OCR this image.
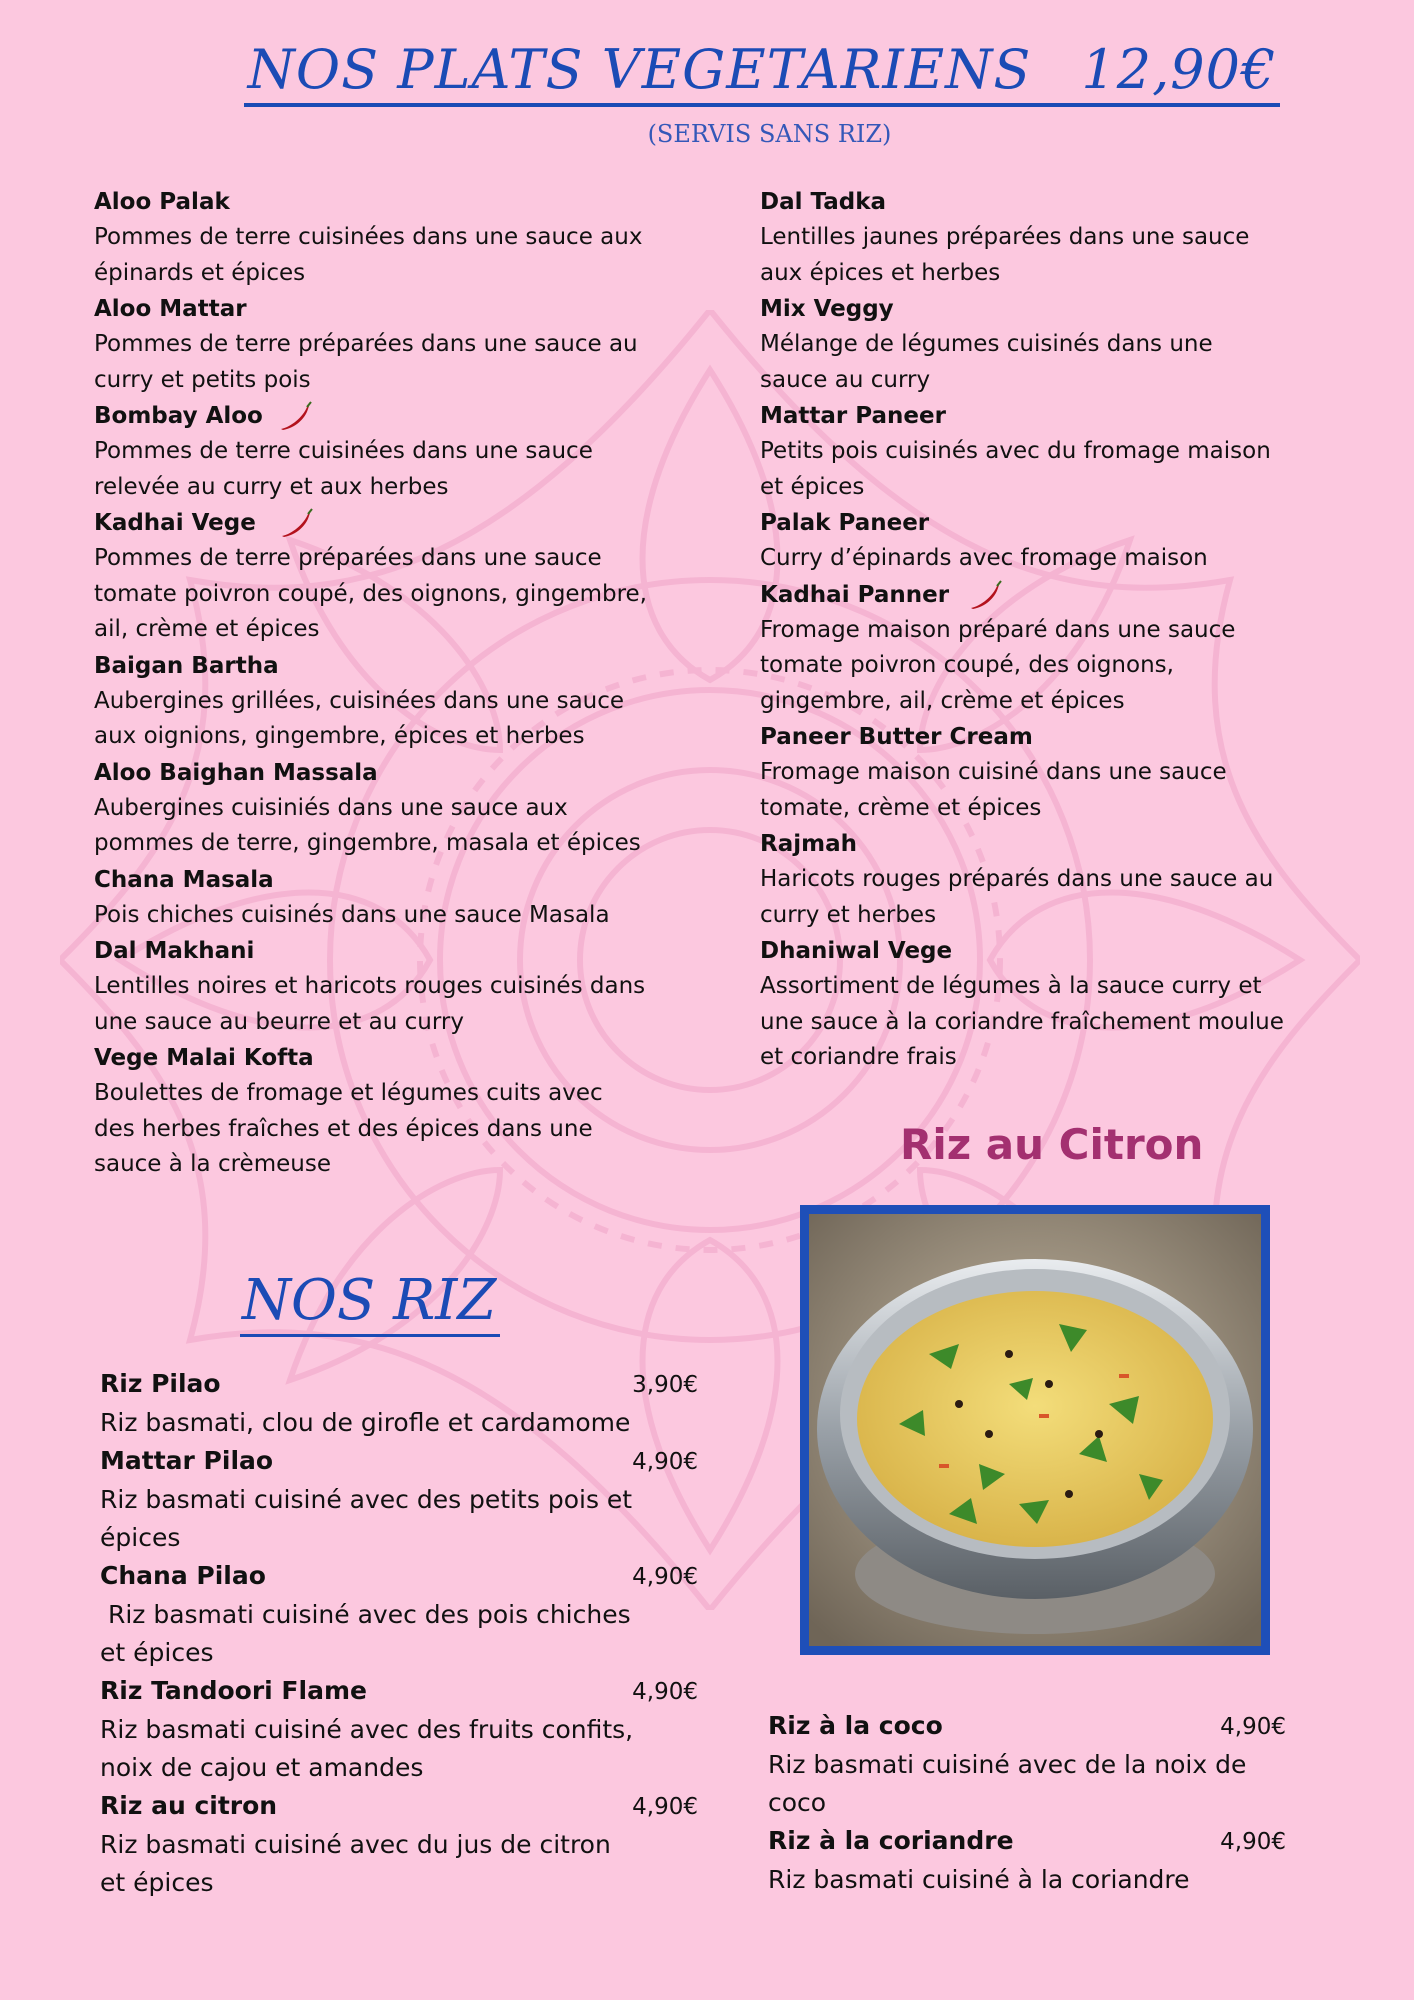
NOS PLATS VEGETARIENS 12,90€
(SERVIS SANS RIZ)
Aloo Palak
Pommes de terre cuisinées dans une sauce aux
épinards et épices
Aloo Mattar
Pommes de terre préparées dans une sauce au
curry et petits pois
Bombay Aloo
Pommes de terre cuisinées dans une sauce
relevée au curry et aux herbes
Kadhai Vege
Pommes de terre préparées dans une sauce
tomate poivron coupé, des oignons, gingembre,
ail, crème et épices
Baigan Bartha
Aubergines grillées, cuisinées dans une sauce
aux oignions, gingembre, épices et herbes
Aloo Baighan Massala
Aubergines cuisiniés dans une sauce aux
pommes de terre, gingembre, masala et épices
Chana Masala
Pois chiches cuisinés dans une sauce Masala
Dal Makhani
Lentilles noires et haricots rouges cuisinés dans
une sauce au beurre et au curry
Vege Malai Kofta
Boulettes de fromage et légumes cuits avec
des herbes fraîches et des épices dans une
sauce à la crèmeuse
Dal Tadka
Lentilles jaunes préparées dans une sauce
aux épices et herbes
Mix Veggy
Mélange de légumes cuisinés dans une
sauce au curry
Mattar Paneer
Petits pois cuisinés avec du fromage maison
et épices
Palak Paneer
Curry d’épinards avec fromage maison
Kadhai Panner
Fromage maison préparé dans une sauce
tomate poivron coupé, des oignons,
gingembre, ail, crème et épices
Paneer Butter Cream
Fromage maison cuisiné dans une sauce
tomate, crème et épices
Rajmah
Haricots rouges préparés dans une sauce au
curry et herbes
Dhaniwal Vege
Assortiment de légumes à la sauce curry et
une sauce à la coriandre fraîchement moulue
et coriandre frais
Riz au Citron
NOS RIZ
Riz Pilao	3,90€
Riz basmati, clou de girofle et cardamome
Mattar Pilao	4,90€
Riz basmati cuisiné avec des petits pois et
épices
Chana Pilao	4,90€
Riz basmati cuisiné avec des pois chiches
et épices
Riz Tandoori Flame	4,90€
Riz basmati cuisiné avec des fruits confits,
noix de cajou et amandes
Riz au citron	4,90€
Riz basmati cuisiné avec du jus de citron
et épices
Riz à la coco	4,90€
Riz basmati cuisiné avec de la noix de
coco
Riz à la coriandre	4,90€
Riz basmati cuisiné à la coriandre
